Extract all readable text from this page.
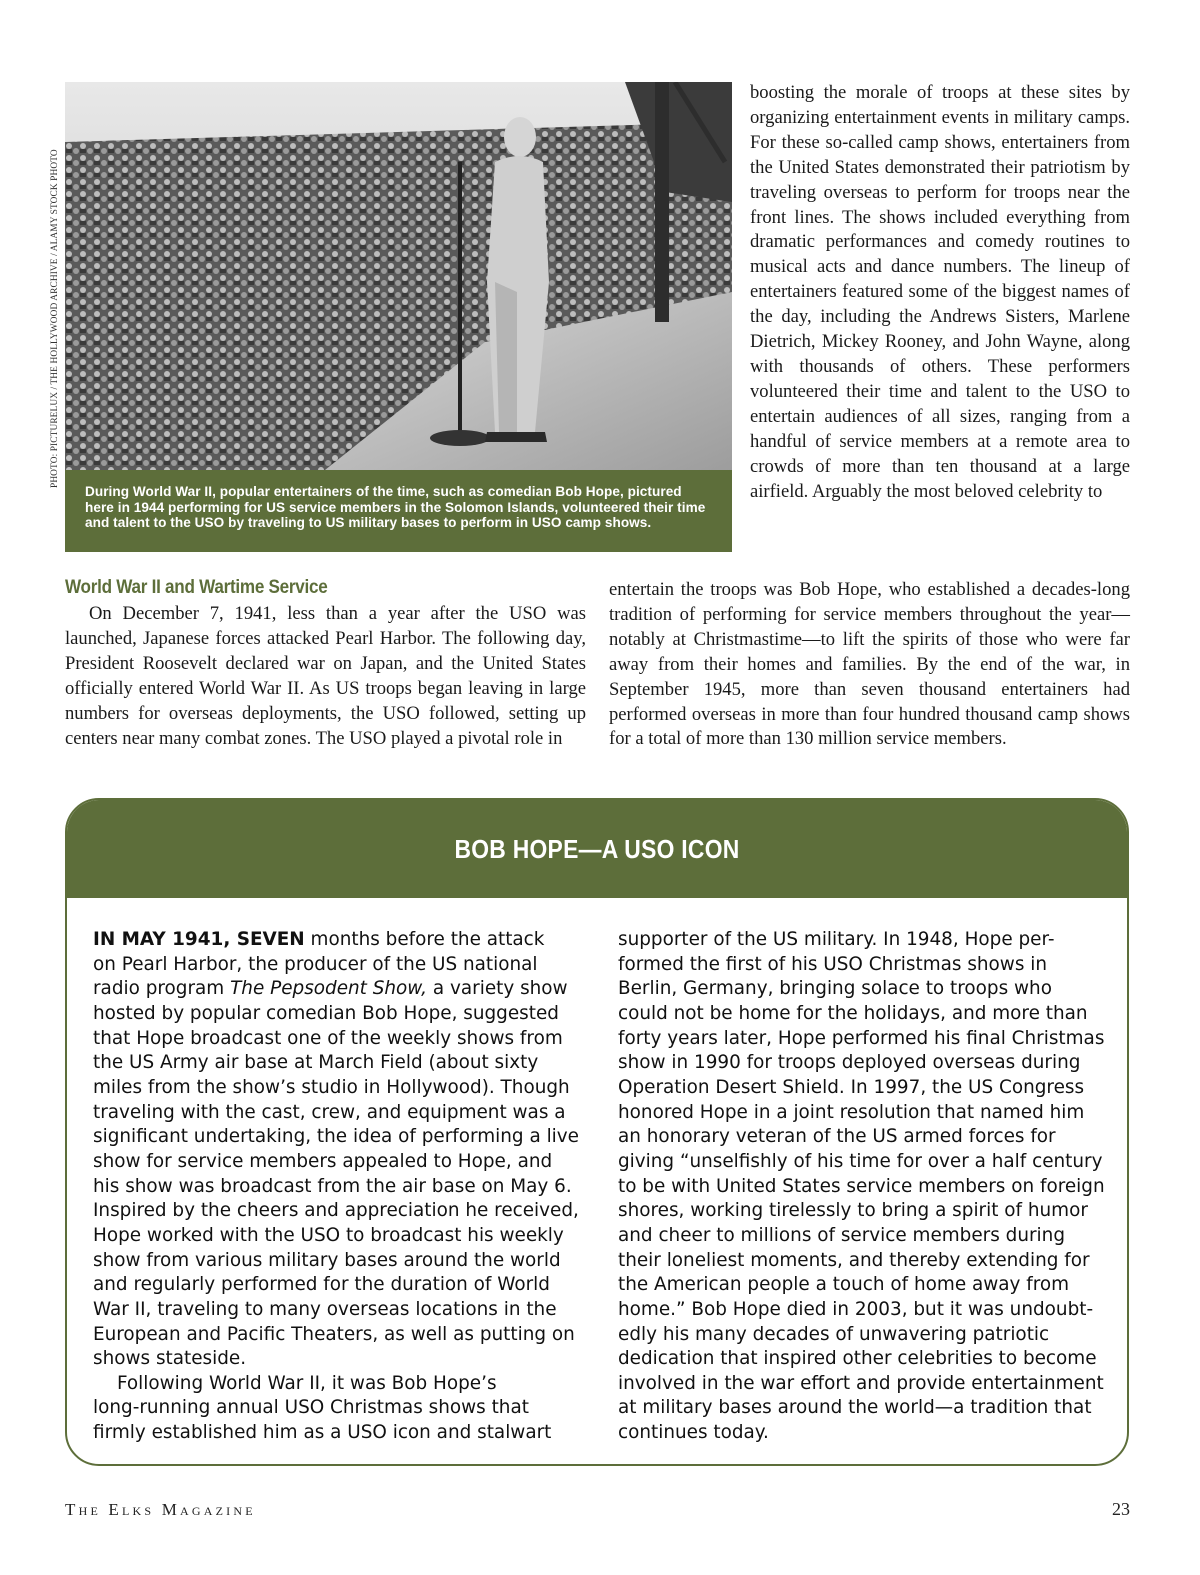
PHOTO: PICTURELUX / THE HOLLYWOOD ARCHIVE / ALAMY STOCK PHOTO
During World War II, popular entertainers of the time, such as comedian Bob Hope, pictured here in 1944 performing for US service members in the Solomon Islands, volunteered their time and talent to the USO by traveling to US military bases to perform in USO camp shows.
boosting the morale of troops at these sites by organizing entertainment events in military camps. For these so-called camp shows, entertainers from the United States demonstrated their patriotism by traveling overseas to perform for troops near the front lines. The shows included everything from dramatic performances and comedy routines to musical acts and dance numbers. The lineup of entertainers featured some of the biggest names of the day, including the Andrews Sisters, Marlene Dietrich, Mickey Rooney, and John Wayne, along with thousands of others. These performers volunteered their time and talent to the USO to entertain audiences of all sizes, ranging from a handful of service members at a remote area to crowds of more than ten thousand at a large airfield. Arguably the most beloved celebrity to
World War II and Wartime Service
On December 7, 1941, less than a year after the USO was launched, Japanese forces attacked Pearl Harbor. The following day, President Roosevelt declared war on Japan, and the United States officially entered World War II. As US troops began leaving in large numbers for overseas deployments, the USO followed, setting up centers near many combat zones. The USO played a pivotal role in
entertain the troops was Bob Hope, who established a decades-long tradition of performing for service members throughout the year—notably at Christmastime—to lift the spirits of those who were far away from their homes and families. By the end of the war, in September 1945, more than seven thousand entertainers had performed overseas in more than four hundred thousand camp shows for a total of more than 130 million service members.
BOB HOPE—A USO ICON
IN MAY 1941, SEVEN months before the attack
on Pearl Harbor, the producer of the US national
radio program The Pepsodent Show, a variety show
hosted by popular comedian Bob Hope, suggested
that Hope broadcast one of the weekly shows from
the US Army air base at March Field (about sixty
miles from the show’s studio in Hollywood). Though
traveling with the cast, crew, and equipment was a
significant undertaking, the idea of performing a live
show for service members appealed to Hope, and
his show was broadcast from the air base on May 6.
Inspired by the cheers and appreciation he received,
Hope worked with the USO to broadcast his weekly
show from various military bases around the world
and regularly performed for the duration of World
War II, traveling to many overseas locations in the
European and Pacific Theaters, as well as putting on
shows stateside.
Following World War II, it was Bob Hope’s
long-running annual USO Christmas shows that
firmly established him as a USO icon and stalwart
supporter of the US military. In 1948, Hope per-
formed the first of his USO Christmas shows in
Berlin, Germany, bringing solace to troops who
could not be home for the holidays, and more than
forty years later, Hope performed his final Christmas
show in 1990 for troops deployed overseas during
Operation Desert Shield. In 1997, the US Congress
honored Hope in a joint resolution that named him
an honorary veteran of the US armed forces for
giving “unselfishly of his time for over a half century
to be with United States service members on foreign
shores, working tirelessly to bring a spirit of humor
and cheer to millions of service members during
their loneliest moments, and thereby extending for
the American people a touch of home away from
home.” Bob Hope died in 2003, but it was undoubt-
edly his many decades of unwavering patriotic
dedication that inspired other celebrities to become
involved in the war effort and provide entertainment
at military bases around the world—a tradition that
continues today.
The Elks Magazine	23
